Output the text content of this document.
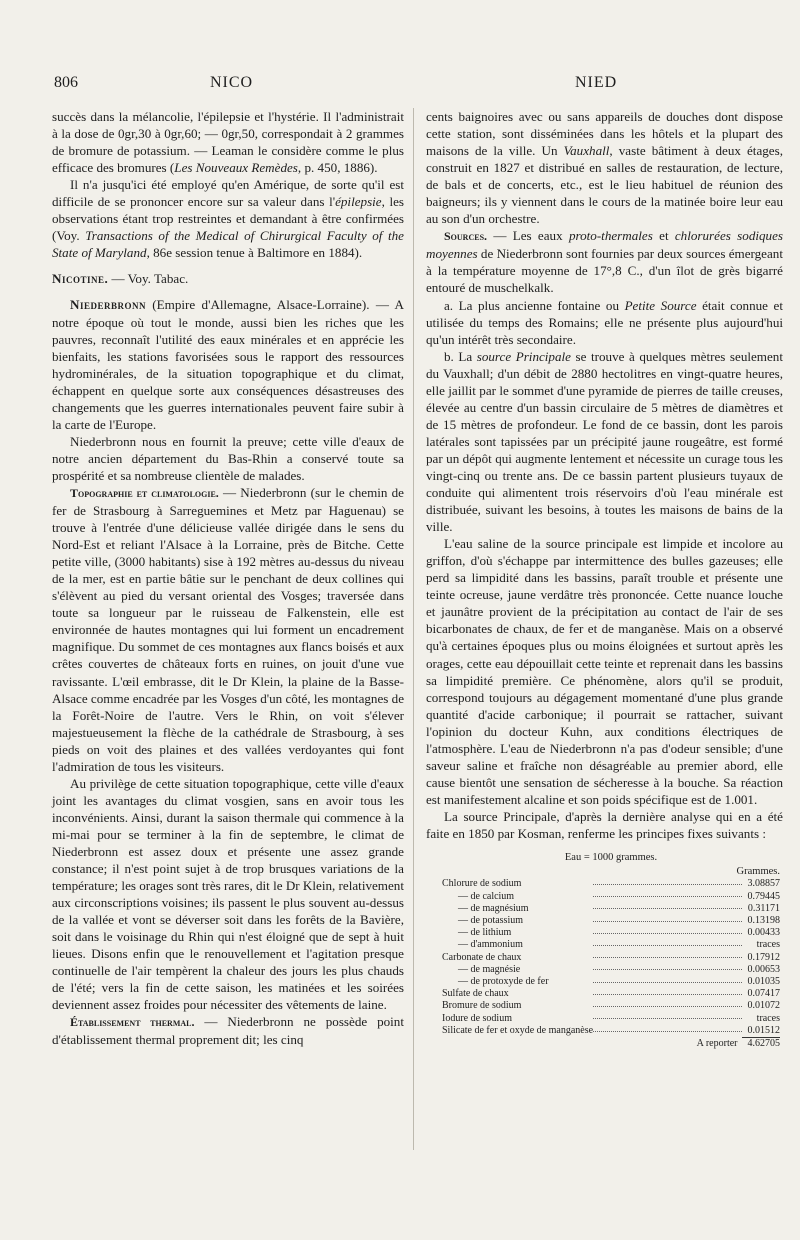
806	NICO	NIED

succès dans la mélancolie, l'épilepsie et l'hystérie. Il l'administrait à la dose de 0gr,30 à 0gr,60; — 0gr,50, correspondait à 2 grammes de bromure de potassium. — Leaman le considère comme le plus efficace des bromures (Les Nouveaux Remèdes, p. 450, 1886).

Il n'a jusqu'ici été employé qu'en Amérique, de sorte qu'il est difficile de se prononcer encore sur sa valeur dans l'épilepsie, les observations étant trop restreintes et demandant à être confirmées (Voy. Transactions of the Medical of Chirurgical Faculty of the State of Maryland, 86e session tenue à Baltimore en 1884).

Nicotine. — Voy. Tabac.

Niederbronn (Empire d'Allemagne, Alsace-Lorraine). — A notre époque où tout le monde, aussi bien les riches que les pauvres, reconnaît l'utilité des eaux minérales et en apprécie les bienfaits, les stations favorisées sous le rapport des ressources hydrominérales, de la situation topographique et du climat, échappent en quelque sorte aux conséquences désastreuses des changements que les guerres internationales peuvent faire subir à la carte de l'Europe.

Niederbronn nous en fournit la preuve; cette ville d'eaux de notre ancien département du Bas-Rhin a conservé toute sa prospérité et sa nombreuse clientèle de malades.

Topographie et climatologie. — Niederbronn (sur le chemin de fer de Strasbourg à Sarreguemines et Metz par Haguenau) se trouve à l'entrée d'une délicieuse vallée dirigée dans le sens du Nord-Est et reliant l'Alsace à la Lorraine, près de Bitche. Cette petite ville, (3000 habitants) sise à 192 mètres au-dessus du niveau de la mer, est en partie bâtie sur le penchant de deux collines qui s'élèvent au pied du versant oriental des Vosges; traversée dans toute sa longueur par le ruisseau de Falkenstein, elle est environnée de hautes montagnes qui lui forment un encadrement magnifique. Du sommet de ces montagnes aux flancs boisés et aux crêtes couvertes de châteaux forts en ruines, on jouit d'une vue ravissante. L'œil embrasse, dit le Dr Klein, la plaine de la Basse-Alsace comme encadrée par les Vosges d'un côté, les montagnes de la Forêt-Noire de l'autre. Vers le Rhin, on voit s'élever majestueusement la flèche de la cathédrale de Strasbourg, à ses pieds on voit des plaines et des vallées verdoyantes qui font l'admiration de tous les visiteurs.

Au privilège de cette situation topographique, cette ville d'eaux joint les avantages du climat vosgien, sans en avoir tous les inconvénients. Ainsi, durant la saison thermale qui commence à la mi-mai pour se terminer à la fin de septembre, le climat de Niederbronn est assez doux et présente une assez grande constance; il n'est point sujet à de trop brusques variations de la température; les orages sont très rares, dit le Dr Klein, relativement aux circonscriptions voisines; ils passent le plus souvent au-dessus de la vallée et vont se déverser soit dans les forêts de la Bavière, soit dans le voisinage du Rhin qui n'est éloigné que de sept à huit lieues. Disons enfin que le renouvellement et l'agitation presque continuelle de l'air tempèrent la chaleur des jours les plus chauds de l'été; vers la fin de cette saison, les matinées et les soirées deviennent assez froides pour nécessiter des vêtements de laine.

Établissement thermal. — Niederbronn ne possède point d'établissement thermal proprement dit; les cinq

cents baignoires avec ou sans appareils de douches dont dispose cette station, sont disséminées dans les hôtels et la plupart des maisons de la ville. Un Vauxhall, vaste bâtiment à deux étages, construit en 1827 et distribué en salles de restauration, de lecture, de bals et de concerts, etc., est le lieu habituel de réunion des baigneurs; ils y viennent dans le cours de la matinée boire leur eau au son d'un orchestre.

Sources. — Les eaux proto-thermales et chlorurées sodiques moyennes de Niederbronn sont fournies par deux sources émergeant à la température moyenne de 17°,8 C., d'un îlot de grès bigarré entouré de muschelkalk.

a. La plus ancienne fontaine ou Petite Source était connue et utilisée du temps des Romains; elle ne présente plus aujourd'hui qu'un intérêt très secondaire.

b. La source Principale se trouve à quelques mètres seulement du Vauxhall; d'un débit de 2880 hectolitres en vingt-quatre heures, elle jaillit par le sommet d'une pyramide de pierres de taille creuses, élevée au centre d'un bassin circulaire de 5 mètres de diamètres et de 15 mètres de profondeur. Le fond de ce bassin, dont les parois latérales sont tapissées par un précipité jaune rougeâtre, est formé par un dépôt qui augmente lentement et nécessite un curage tous les vingt-cinq ou trente ans. De ce bassin partent plusieurs tuyaux de conduite qui alimentent trois réservoirs d'où l'eau minérale est distribuée, suivant les besoins, à toutes les maisons de bains de la ville.

L'eau saline de la source principale est limpide et incolore au griffon, d'où s'échappe par intermittence des bulles gazeuses; elle perd sa limpidité dans les bassins, paraît trouble et présente une teinte ocreuse, jaune verdâtre très prononcée. Cette nuance louche et jaunâtre provient de la précipitation au contact de l'air de ses bicarbonates de chaux, de fer et de manganèse. Mais on a observé qu'à certaines époques plus ou moins éloignées et surtout après les orages, cette eau dépouillait cette teinte et reprenait dans les bassins sa limpidité première. Ce phénomène, alors qu'il se produit, correspond toujours au dégagement momentané d'une plus grande quantité d'acide carbonique; il pourrait se rattacher, suivant l'opinion du docteur Kuhn, aux conditions électriques de l'atmosphère. L'eau de Niederbronn n'a pas d'odeur sensible; d'une saveur saline et fraîche non désagréable au premier abord, elle cause bientôt une sensation de sécheresse à la bouche. Sa réaction est manifestement alcaline et son poids spécifique est de 1.001.

La source Principale, d'après la dernière analyse qui en a été faite en 1850 par Kosman, renferme les principes fixes suivants :

Eau = 1000 grammes.		
Grammes.		
Chlorure de sodium		3.08857
— de calcium		0.79445
— de magnésium		0.31171
— de potassium		0.13198
— de lithium		0.00433
— d'ammonium		traces
Carbonate de chaux		0.17912
— de magnésie		0.00653
— de protoxyde de fer		0.01035
Sulfate de chaux		0.07417
Bromure de sodium		0.01072
Iodure de sodium		traces
Silicate de fer et oxyde de manganèse		0.01512
A reporter		4.62705
